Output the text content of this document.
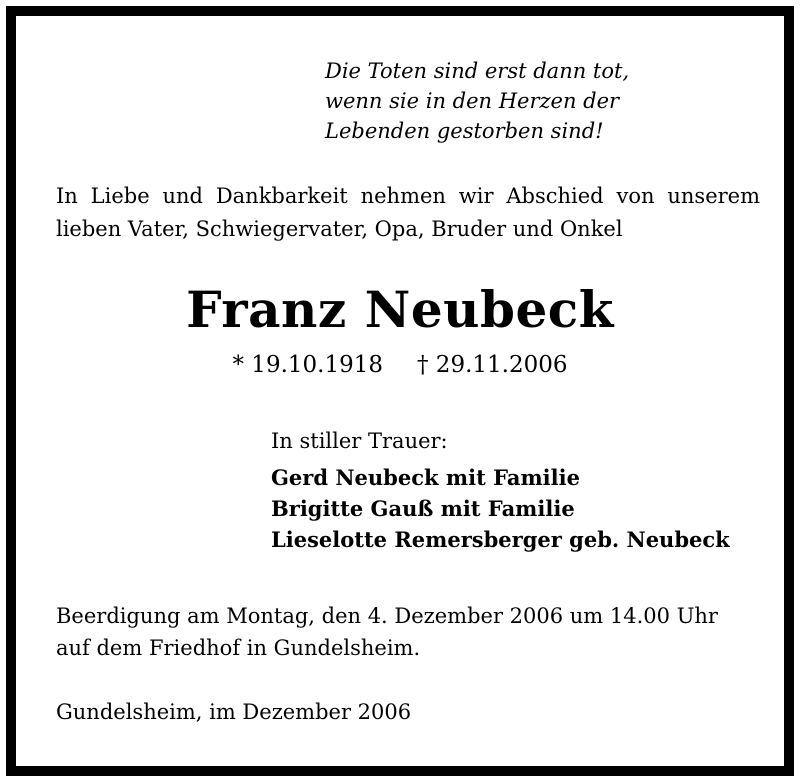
Die Toten sind erst dann tot,
wenn sie in den Herzen der
Lebenden gestorben sind!
In Liebe und Dankbarkeit nehmen wir Abschied von unserem lieben Vater, Schwiegervater, Opa, Bruder und Onkel
Franz Neubeck
* 19.10.1918 † 29.11.2006
In stiller Trauer:
Gerd Neubeck mit Familie
Brigitte Gauß mit Familie
Lieselotte Remersberger geb. Neubeck
Beerdigung am Montag, den 4. Dezember 2006 um 14.00 Uhr
auf dem Friedhof in Gundelsheim.
Gundelsheim, im Dezember 2006
